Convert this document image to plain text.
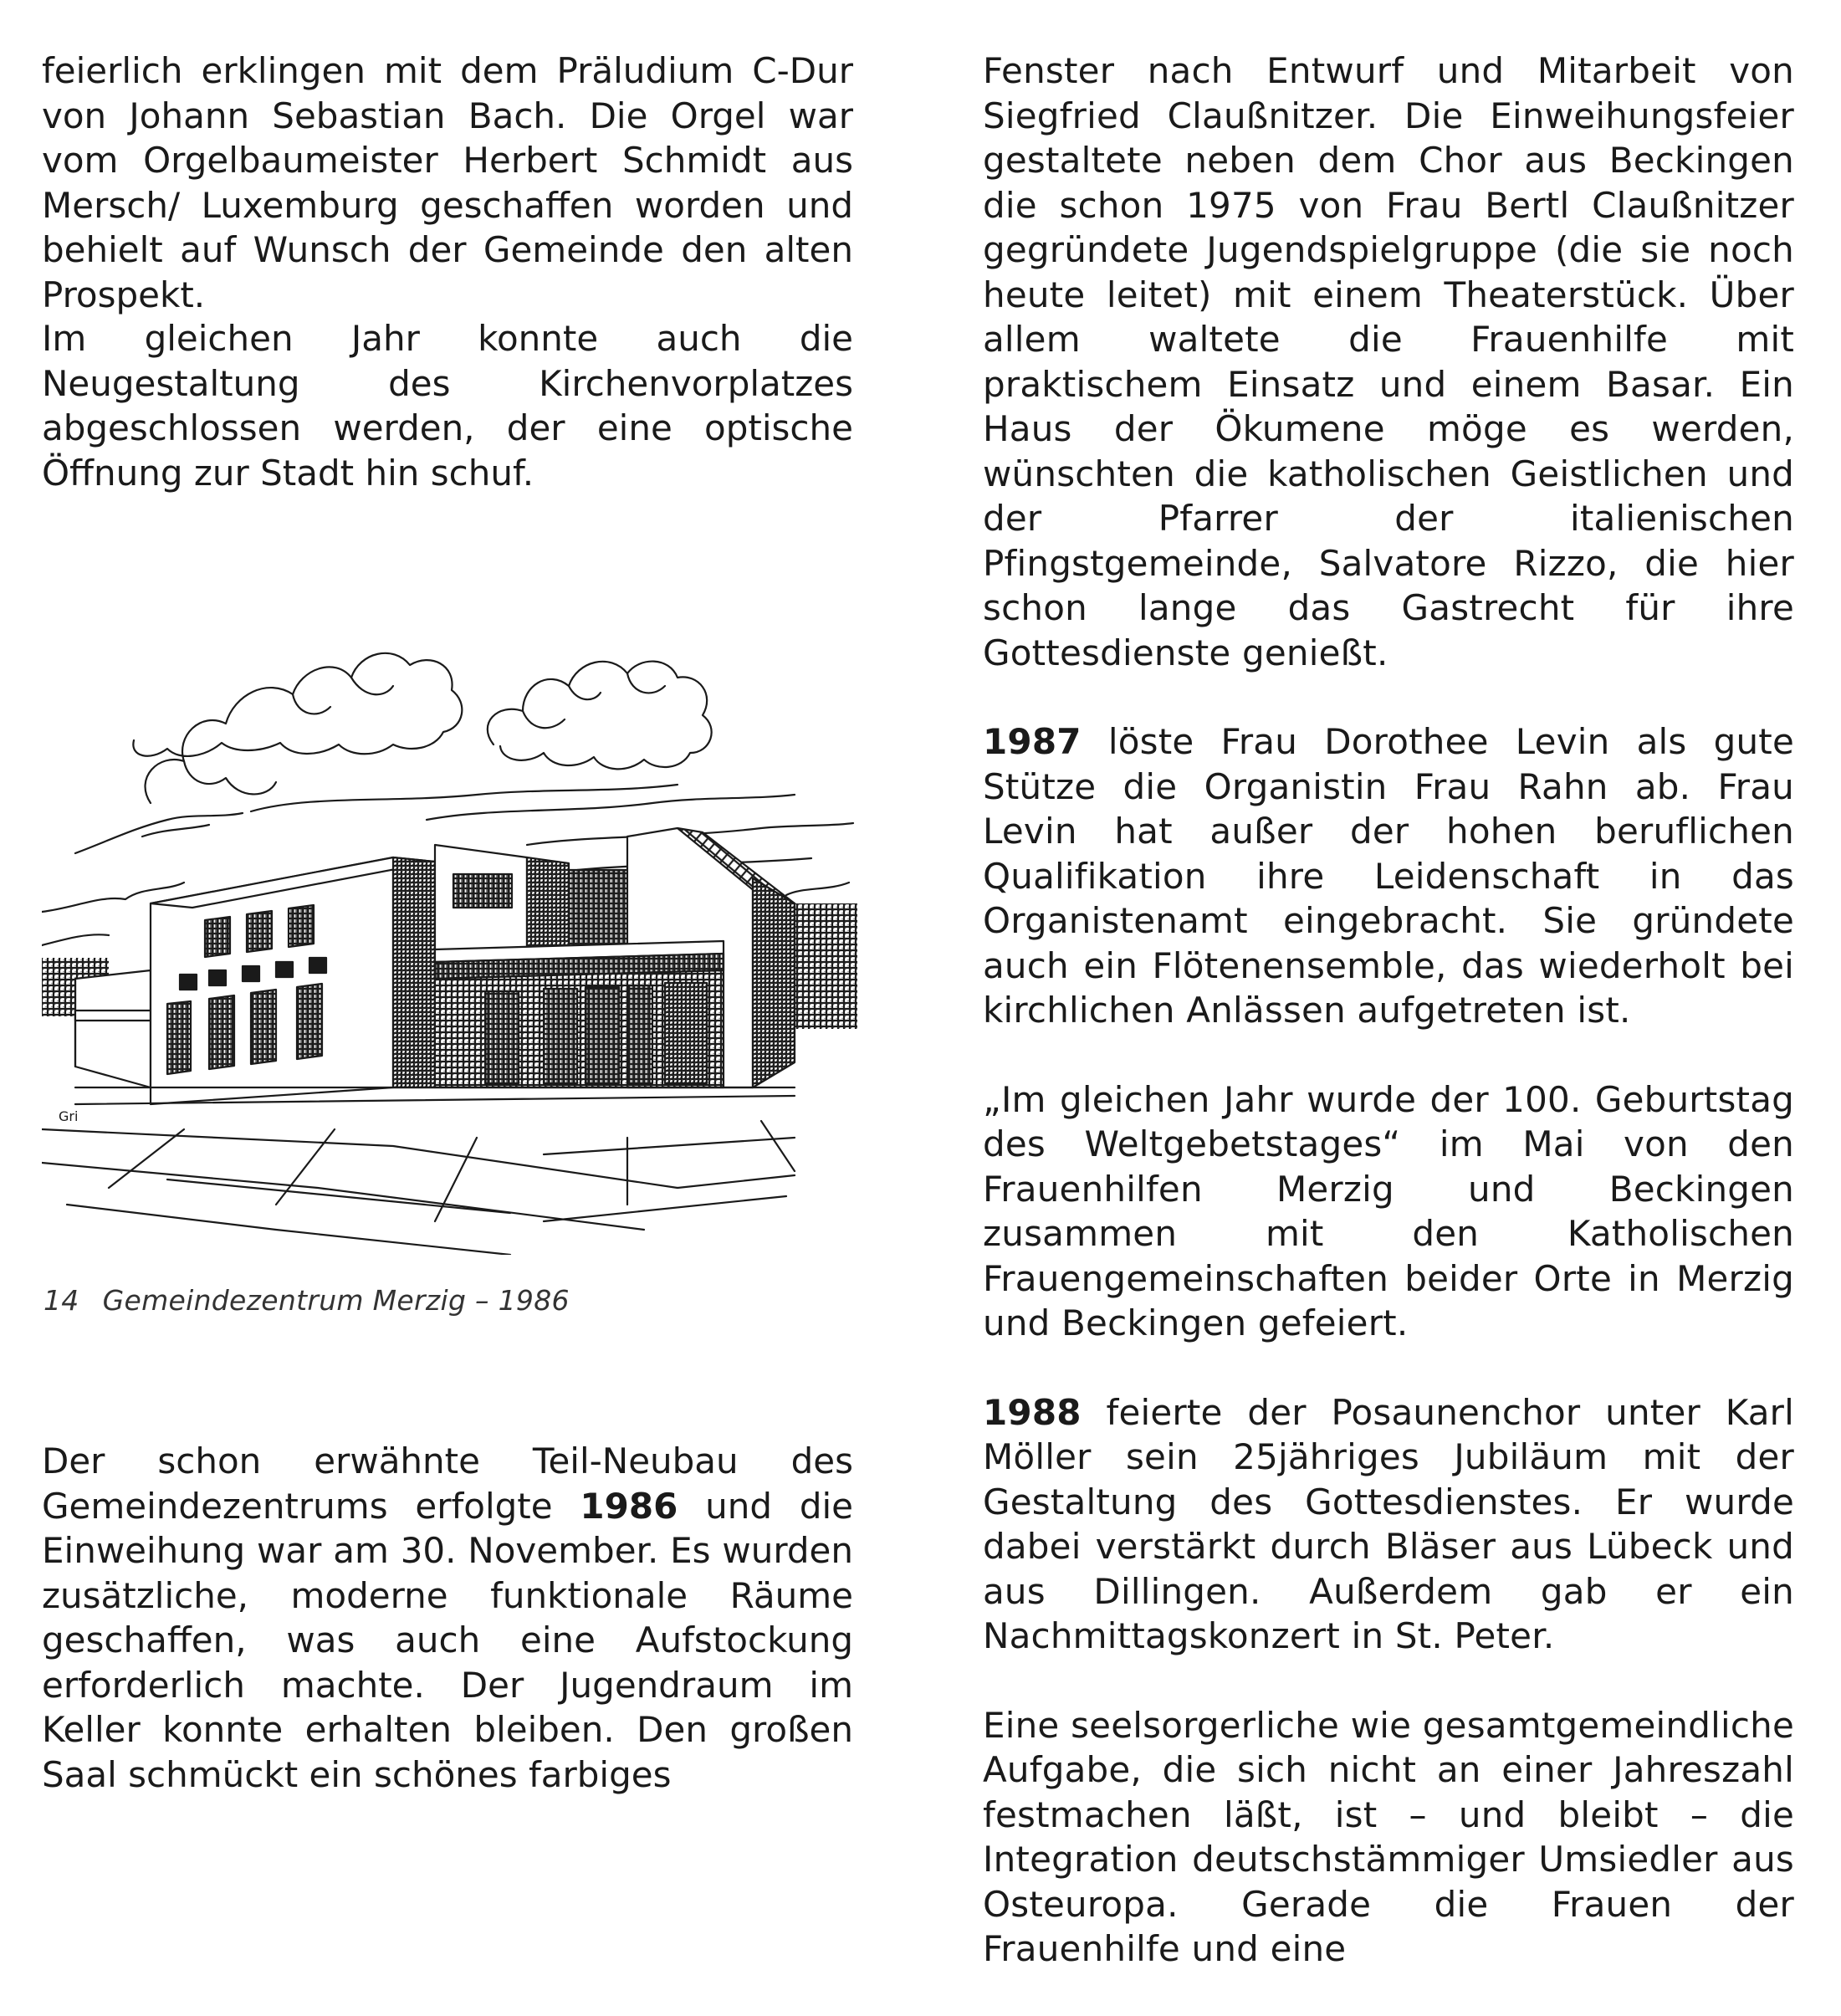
feierlich erklingen mit dem Präludium C-Dur von Johann Sebastian Bach. Die Orgel war vom Orgelbaumeister Herbert Schmidt aus Mersch/ Luxemburg geschaffen worden und behielt auf Wunsch der Gemeinde den alten Prospekt.

Im gleichen Jahr konnte auch die Neugestaltung des Kirchenvorplatzes abgeschlossen werden, der eine optische Öffnung zur Stadt hin schuf.

Gri
14 Gemeindezentrum Merzig – 1986

Der schon erwähnte Teil-Neubau des Gemeindezentrums erfolgte 1986 und die Einweihung war am 30. November. Es wurden zusätzliche, moderne funktionale Räume geschaffen, was auch eine Aufstockung erforderlich machte. Der Jugendraum im Keller konnte erhalten bleiben. Den großen Saal schmückt ein schönes farbiges

Fenster nach Entwurf und Mitarbeit von Siegfried Claußnitzer. Die Einweihungsfeier gestaltete neben dem Chor aus Beckingen die schon 1975 von Frau Bertl Claußnitzer gegründete Jugendspielgruppe (die sie noch heute leitet) mit einem Theaterstück. Über allem waltete die Frauenhilfe mit praktischem Einsatz und einem Basar. Ein Haus der Ökumene möge es werden, wünschten die katholischen Geistlichen und der Pfarrer der italienischen Pfingstgemeinde, Salvatore Rizzo, die hier schon lange das Gastrecht für ihre Gottesdienste genießt.

1987 löste Frau Dorothee Levin als gute Stütze die Organistin Frau Rahn ab. Frau Levin hat außer der hohen beruflichen Qualifikation ihre Leidenschaft in das Organistenamt eingebracht. Sie gründete auch ein Flötenensemble, das wiederholt bei kirchlichen Anlässen aufgetreten ist.

„Im gleichen Jahr wurde der 100. Geburtstag des Weltgebetstages“ im Mai von den Frauenhilfen Merzig und Beckingen zusammen mit den Katholischen Frauengemeinschaften beider Orte in Merzig und Beckingen gefeiert.

1988 feierte der Posaunenchor unter Karl Möller sein 25jähriges Jubiläum mit der Gestaltung des Gottesdienstes. Er wurde dabei verstärkt durch Bläser aus Lübeck und aus Dillingen. Außerdem gab er ein Nachmittagskonzert in St. Peter.

Eine seelsorgerliche wie gesamtgemeindliche Aufgabe, die sich nicht an einer Jahreszahl festmachen läßt, ist – und bleibt – die Integration deutschstämmiger Umsiedler aus Osteuropa. Gerade die Frauen der Frauenhilfe und eine
